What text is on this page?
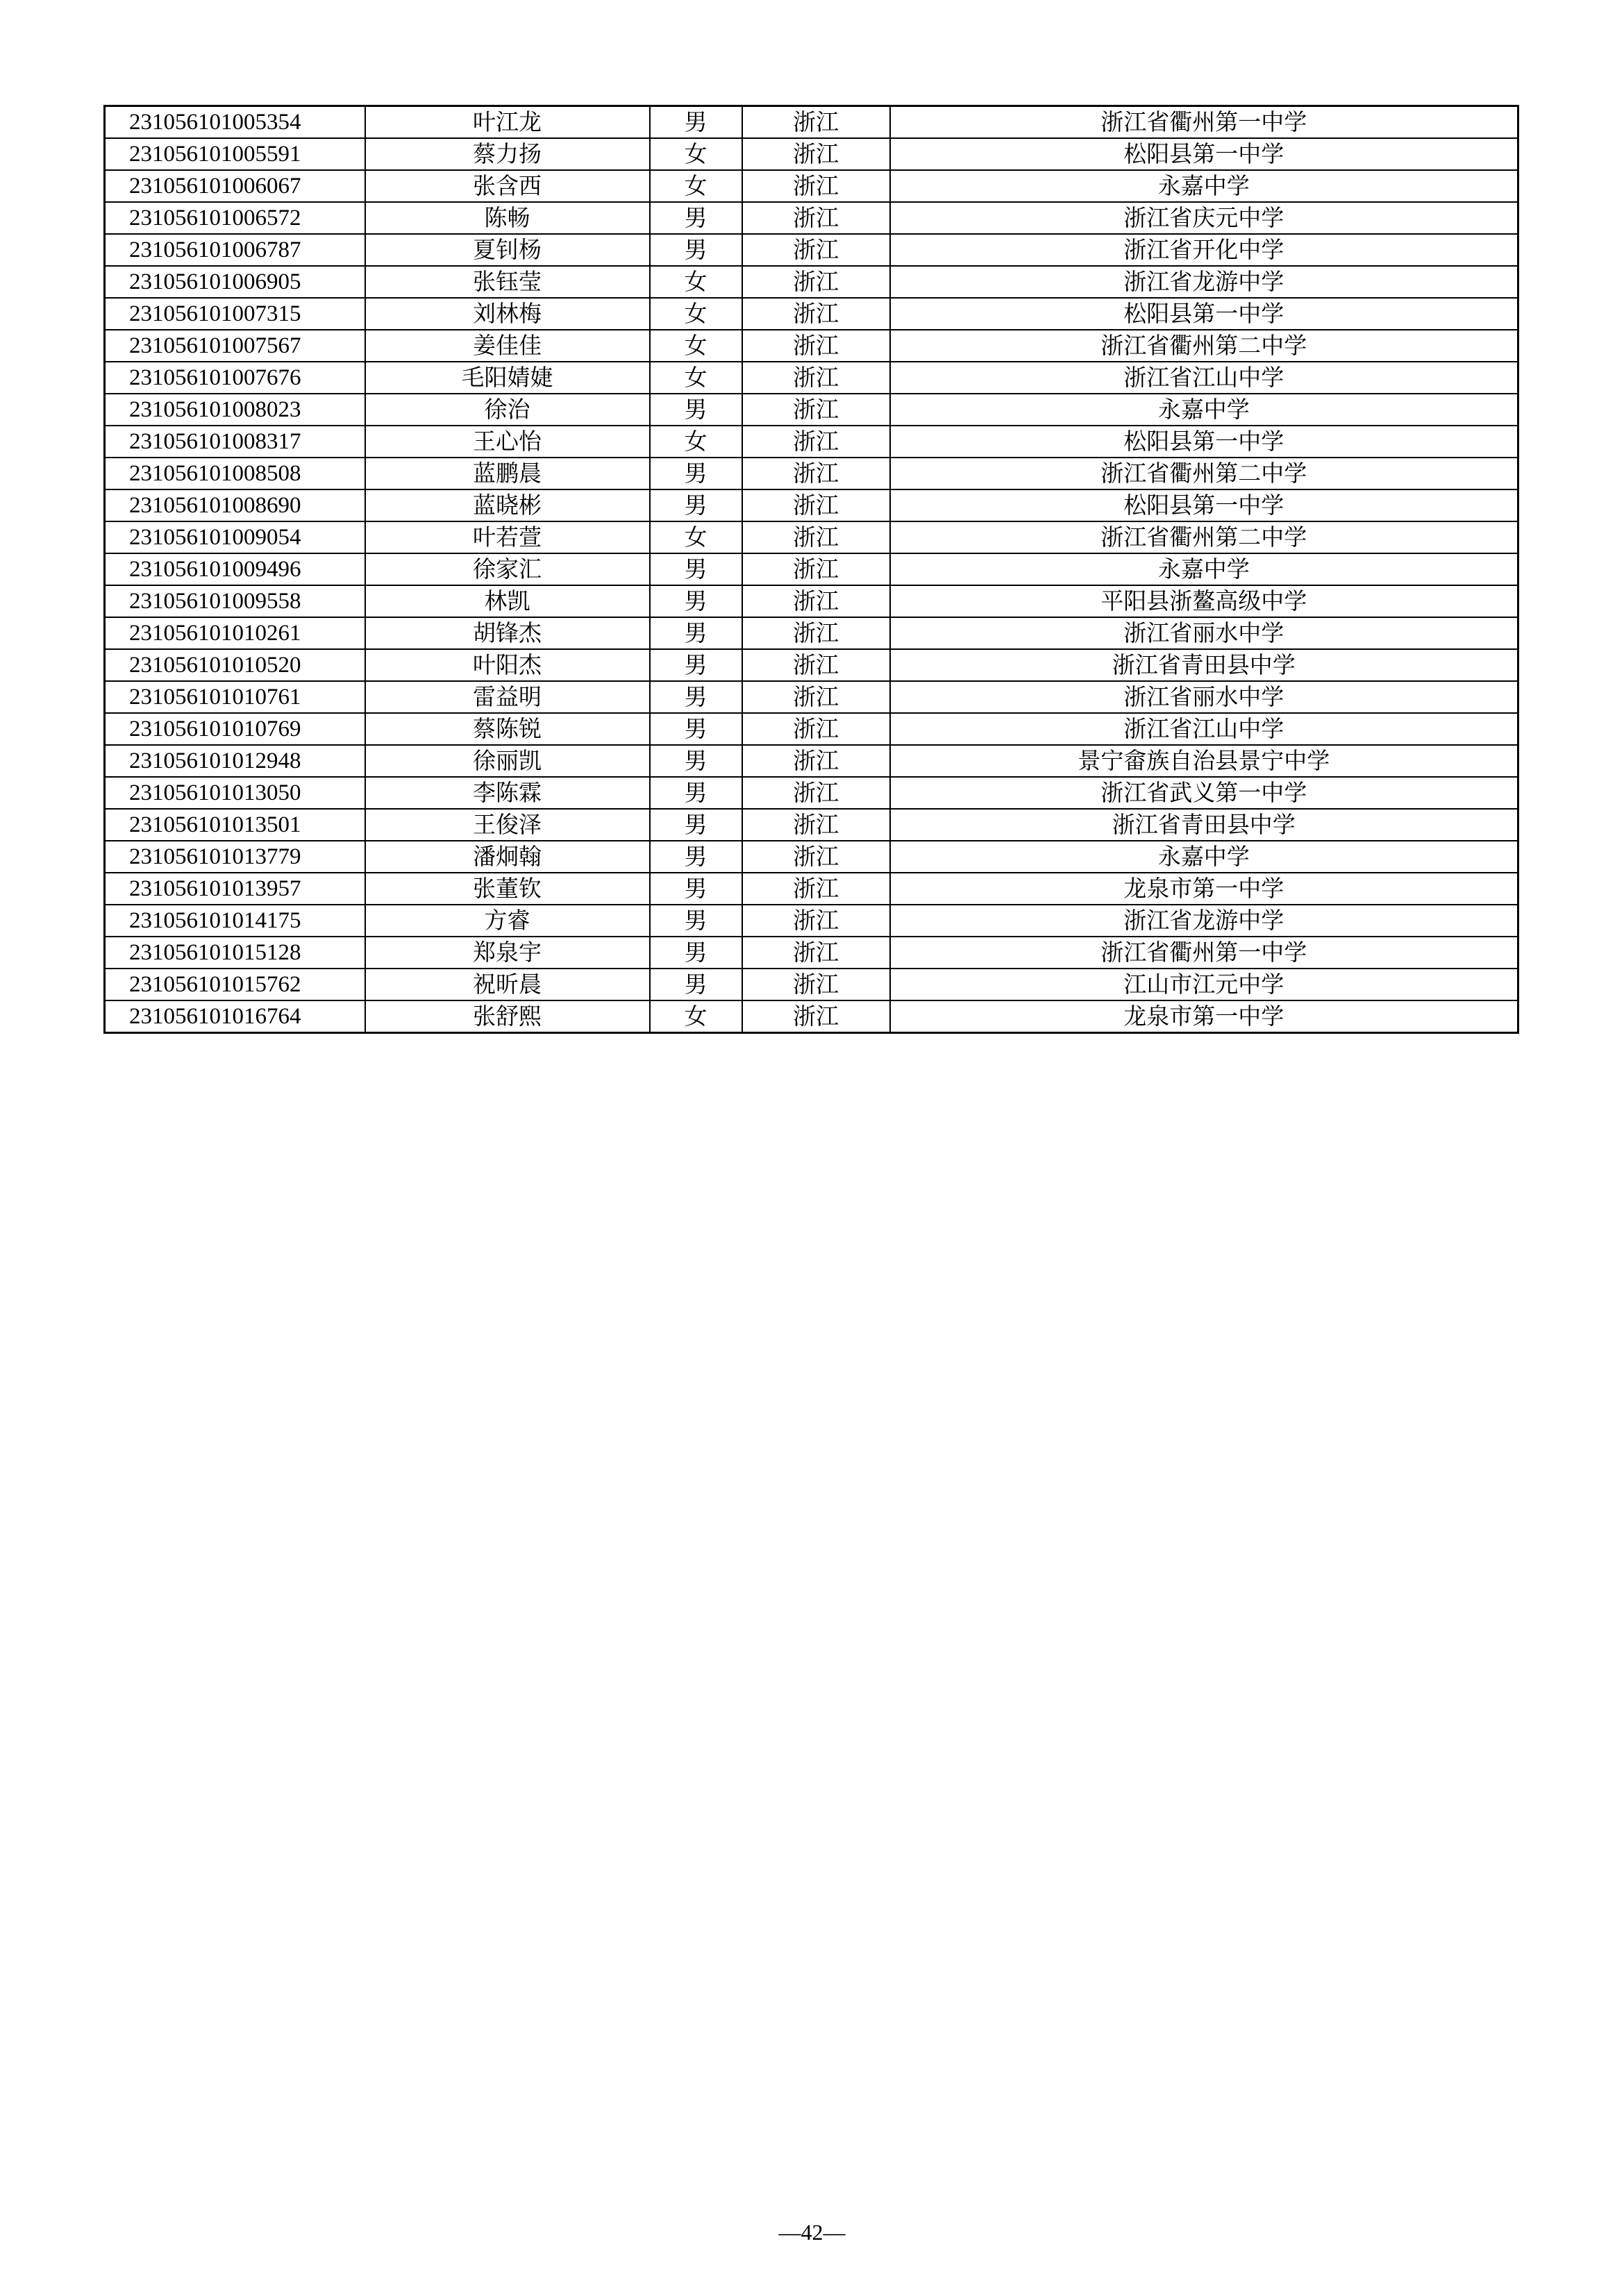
231056101005354	叶江龙	男	浙江	浙江省衢州第一中学
231056101005591	蔡力扬	女	浙江	松阳县第一中学
231056101006067	张含西	女	浙江	永嘉中学
231056101006572	陈畅	男	浙江	浙江省庆元中学
231056101006787	夏钊杨	男	浙江	浙江省开化中学
231056101006905	张钰莹	女	浙江	浙江省龙游中学
231056101007315	刘林梅	女	浙江	松阳县第一中学
231056101007567	姜佳佳	女	浙江	浙江省衢州第二中学
231056101007676	毛阳婧婕	女	浙江	浙江省江山中学
231056101008023	徐治	男	浙江	永嘉中学
231056101008317	王心怡	女	浙江	松阳县第一中学
231056101008508	蓝鹏晨	男	浙江	浙江省衢州第二中学
231056101008690	蓝晓彬	男	浙江	松阳县第一中学
231056101009054	叶若萱	女	浙江	浙江省衢州第二中学
231056101009496	徐家汇	男	浙江	永嘉中学
231056101009558	林凯	男	浙江	平阳县浙鳌高级中学
231056101010261	胡锋杰	男	浙江	浙江省丽水中学
231056101010520	叶阳杰	男	浙江	浙江省青田县中学
231056101010761	雷益明	男	浙江	浙江省丽水中学
231056101010769	蔡陈锐	男	浙江	浙江省江山中学
231056101012948	徐丽凯	男	浙江	景宁畲族自治县景宁中学
231056101013050	李陈霖	男	浙江	浙江省武义第一中学
231056101013501	王俊泽	男	浙江	浙江省青田县中学
231056101013779	潘炯翰	男	浙江	永嘉中学
231056101013957	张董钦	男	浙江	龙泉市第一中学
231056101014175	方睿	男	浙江	浙江省龙游中学
231056101015128	郑泉宇	男	浙江	浙江省衢州第一中学
231056101015762	祝昕晨	男	浙江	江山市江元中学
231056101016764	张舒熙	女	浙江	龙泉市第一中学
—42—
